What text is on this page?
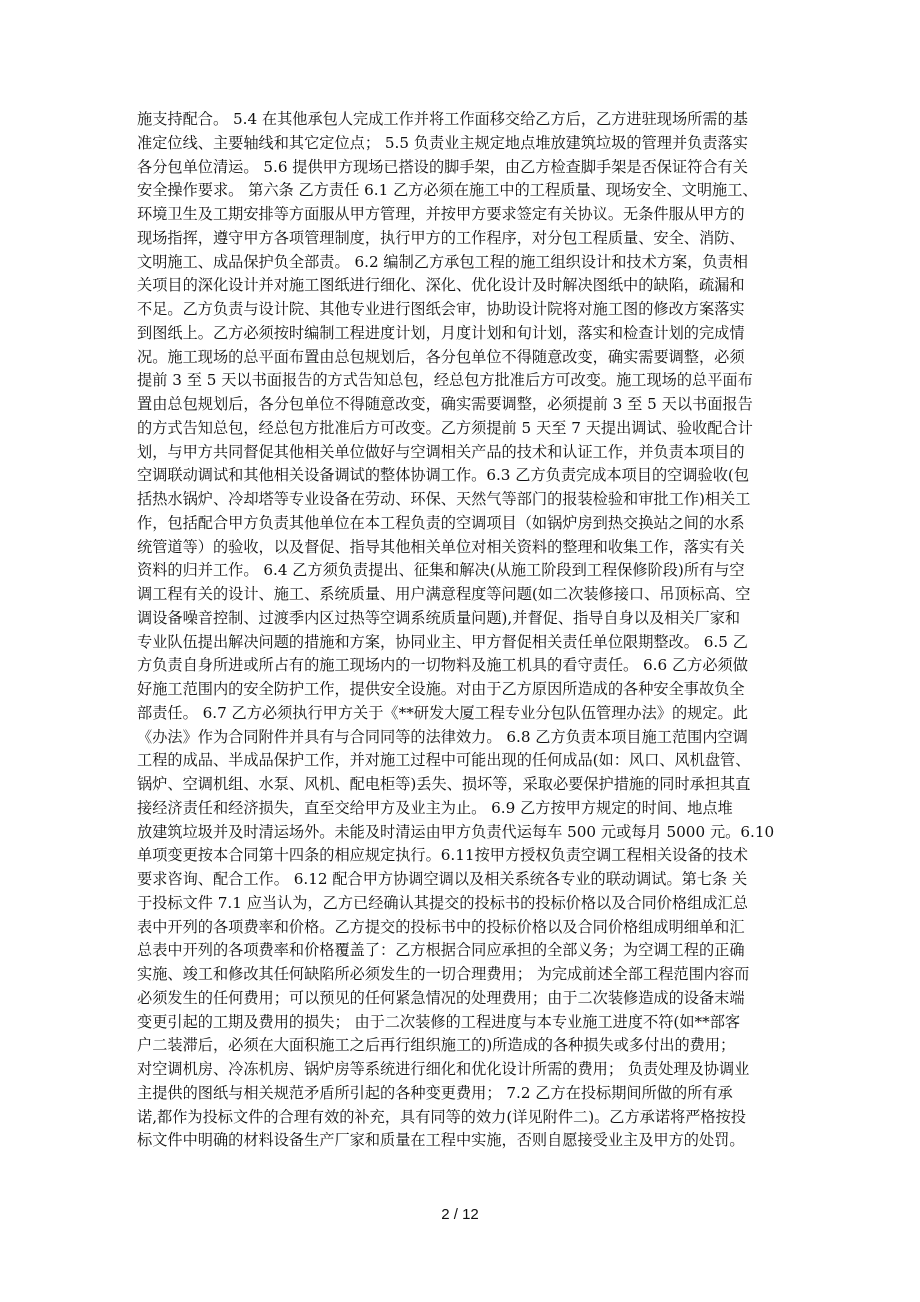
施支持配合。 5.4 在其他承包人完成工作并将工作面移交给乙方后，乙方进驻现场所需的基
准定位线、主要轴线和其它定位点； 5.5 负责业主规定地点堆放建筑垃圾的管理并负责落实
各分包单位清运。 5.6 提供甲方现场已搭设的脚手架，由乙方检查脚手架是否保证符合有关
安全操作要求。 第六条 乙方责任 6.1 乙方必须在施工中的工程质量、现场安全、文明施工、
环境卫生及工期安排等方面服从甲方管理，并按甲方要求签定有关协议。无条件服从甲方的
现场指挥，遵守甲方各项管理制度，执行甲方的工作程序，对分包工程质量、安全、消防、
文明施工、成品保护负全部责。 6.2 编制乙方承包工程的施工组织设计和技术方案，负责相
关项目的深化设计并对施工图纸进行细化、深化、优化设计及时解决图纸中的缺陷，疏漏和
不足。乙方负责与设计院、其他专业进行图纸会审，协助设计院将对施工图的修改方案落实
到图纸上。乙方必须按时编制工程进度计划，月度计划和旬计划，落实和检查计划的完成情
况。施工现场的总平面布置由总包规划后，各分包单位不得随意改变，确实需要调整，必须
提前 3 至 5 天以书面报告的方式告知总包，经总包方批准后方可改变。施工现场的总平面布
置由总包规划后，各分包单位不得随意改变，确实需要调整，必须提前 3 至 5 天以书面报告
的方式告知总包，经总包方批准后方可改变。乙方须提前 5 天至 7 天提出调试、验收配合计
划，与甲方共同督促其他相关单位做好与空调相关产品的技术和认证工作，并负责本项目的
空调联动调试和其他相关设备调试的整体协调工作。6.3 乙方负责完成本项目的空调验收(包
括热水锅炉、冷却塔等专业设备在劳动、环保、天然气等部门的报装检验和审批工作)相关工
作，包括配合甲方负责其他单位在本工程负责的空调项目（如锅炉房到热交换站之间的水系
统管道等）的验收，以及督促、指导其他相关单位对相关资料的整理和收集工作，落实有关
资料的归并工作。 6.4 乙方须负责提出、征集和解决(从施工阶段到工程保修阶段)所有与空
调工程有关的设计、施工、系统质量、用户满意程度等问题(如二次装修接口、吊顶标高、空
调设备噪音控制、过渡季内区过热等空调系统质量问题),并督促、指导自身以及相关厂家和
专业队伍提出解决问题的措施和方案，协同业主、甲方督促相关责任单位限期整改。 6.5 乙
方负责自身所进或所占有的施工现场内的一切物料及施工机具的看守责任。 6.6 乙方必须做
好施工范围内的安全防护工作，提供安全设施。对由于乙方原因所造成的各种安全事故负全
部责任。 6.7 乙方必须执行甲方关于《**研发大厦工程专业分包队伍管理办法》的规定。此
《办法》作为合同附件并具有与合同同等的法律效力。 6.8 乙方负责本项目施工范围内空调
工程的成品、半成品保护工作，并对施工过程中可能出现的任何成品(如：风口、风机盘管、
锅炉、空调机组、水泵、风机、配电柜等)丢失、损坏等，采取必要保护措施的同时承担其直
接经济责任和经济损失，直至交给甲方及业主为止。 6.9 乙方按甲方规定的时间、地点堆
放建筑垃圾并及时清运场外。未能及时清运由甲方负责代运每车 500 元或每月 5000 元。6.10
单项变更按本合同第十四条的相应规定执行。6.11按甲方授权负责空调工程相关设备的技术
要求咨询、配合工作。 6.12 配合甲方协调空调以及相关系统各专业的联动调试。第七条 关
于投标文件 7.1 应当认为，乙方已经确认其提交的投标书的投标价格以及合同价格组成汇总
表中开列的各项费率和价格。乙方提交的投标书中的投标价格以及合同价格组成明细单和汇
总表中开列的各项费率和价格覆盖了：乙方根据合同应承担的全部义务；为空调工程的正确
实施、竣工和修改其任何缺陷所必须发生的一切合理费用； 为完成前述全部工程范围内容而
必须发生的任何费用；可以预见的任何紧急情况的处理费用；由于二次装修造成的设备末端
变更引起的工期及费用的损失； 由于二次装修的工程进度与本专业施工进度不符(如**部客
户二装滞后，必须在大面积施工之后再行组织施工的)所造成的各种损失或多付出的费用；
对空调机房、冷冻机房、锅炉房等系统进行细化和优化设计所需的费用； 负责处理及协调业
主提供的图纸与相关规范矛盾所引起的各种变更费用； 7.2 乙方在投标期间所做的所有承
诺,都作为投标文件的合理有效的补充，具有同等的效力(详见附件二)。乙方承诺将严格按投
标文件中明确的材料设备生产厂家和质量在工程中实施，否则自愿接受业主及甲方的处罚。

2 / 12
